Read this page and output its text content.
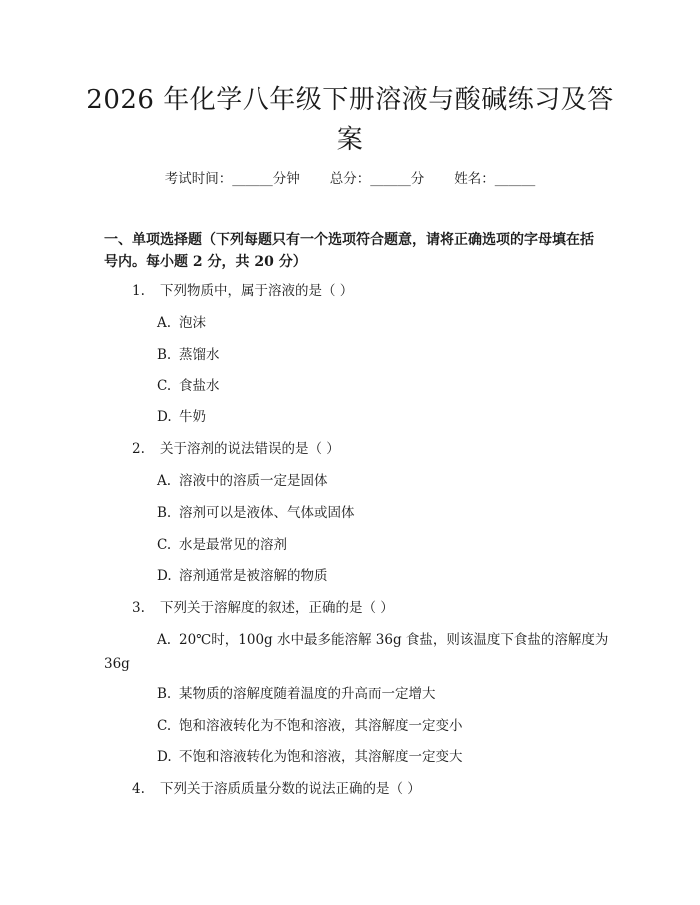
2026 年化学八年级下册溶液与酸碱练习及答案
考试时间：______分钟 总分：______分 姓名：______
一、单项选择题（下列每题只有一个选项符合题意，请将正确选项的字母填在括号内。每小题 2 分，共 20 分）
1. 下列物质中，属于溶液的是（ ）
A. 泡沫
B. 蒸馏水
C. 食盐水
D. 牛奶
2. 关于溶剂的说法错误的是（ ）
A. 溶液中的溶质一定是固体
B. 溶剂可以是液体、气体或固体
C. 水是最常见的溶剂
D. 溶剂通常是被溶解的物质
3. 下列关于溶解度的叙述，正确的是（ ）
A. 20℃时，100g 水中最多能溶解 36g 食盐，则该温度下食盐的溶解度为
36g
B. 某物质的溶解度随着温度的升高而一定增大
C. 饱和溶液转化为不饱和溶液，其溶解度一定变小
D. 不饱和溶液转化为饱和溶液，其溶解度一定变大
4. 下列关于溶质质量分数的说法正确的是（ ）
